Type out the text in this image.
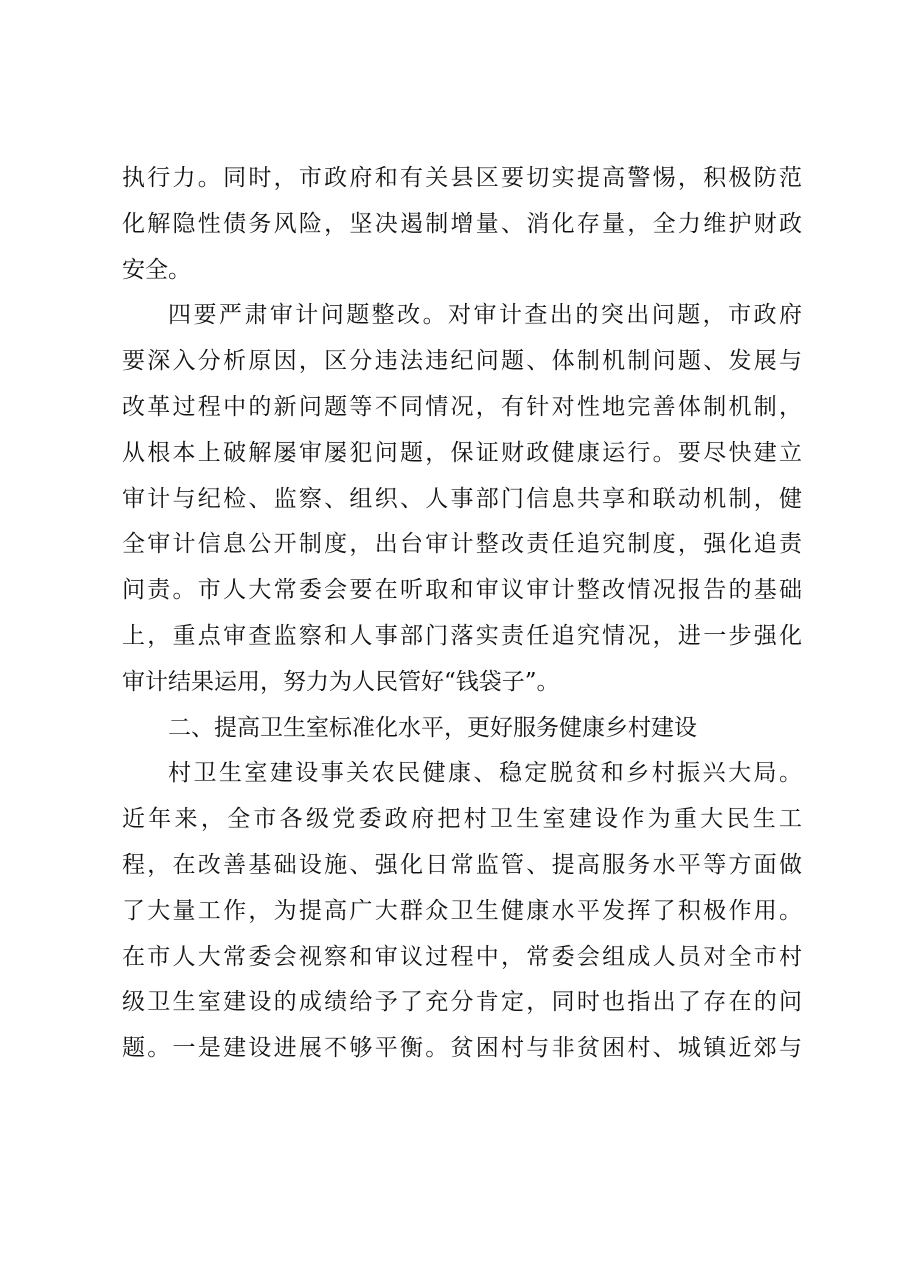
执行力。同时，市政府和有关县区要切实提高警惕，积极防范
化解隐性债务风险，坚决遏制增量、消化存量，全力维护财政
安全。
四要严肃审计问题整改。对审计查出的突出问题，市政府
要深入分析原因，区分违法违纪问题、体制机制问题、发展与
改革过程中的新问题等不同情况，有针对性地完善体制机制，
从根本上破解屡审屡犯问题，保证财政健康运行。要尽快建立
审计与纪检、监察、组织、人事部门信息共享和联动机制，健
全审计信息公开制度，出台审计整改责任追究制度，强化追责
问责。市人大常委会要在听取和审议审计整改情况报告的基础
上，重点审查监察和人事部门落实责任追究情况，进一步强化
审计结果运用，努力为人民管好“钱袋子”。
二、提高卫生室标准化水平，更好服务健康乡村建设
村卫生室建设事关农民健康、稳定脱贫和乡村振兴大局。
近年来，全市各级党委政府把村卫生室建设作为重大民生工
程，在改善基础设施、强化日常监管、提高服务水平等方面做
了大量工作，为提高广大群众卫生健康水平发挥了积极作用。
在市人大常委会视察和审议过程中，常委会组成人员对全市村
级卫生室建设的成绩给予了充分肯定，同时也指出了存在的问
题。一是建设进展不够平衡。贫困村与非贫困村、城镇近郊与
